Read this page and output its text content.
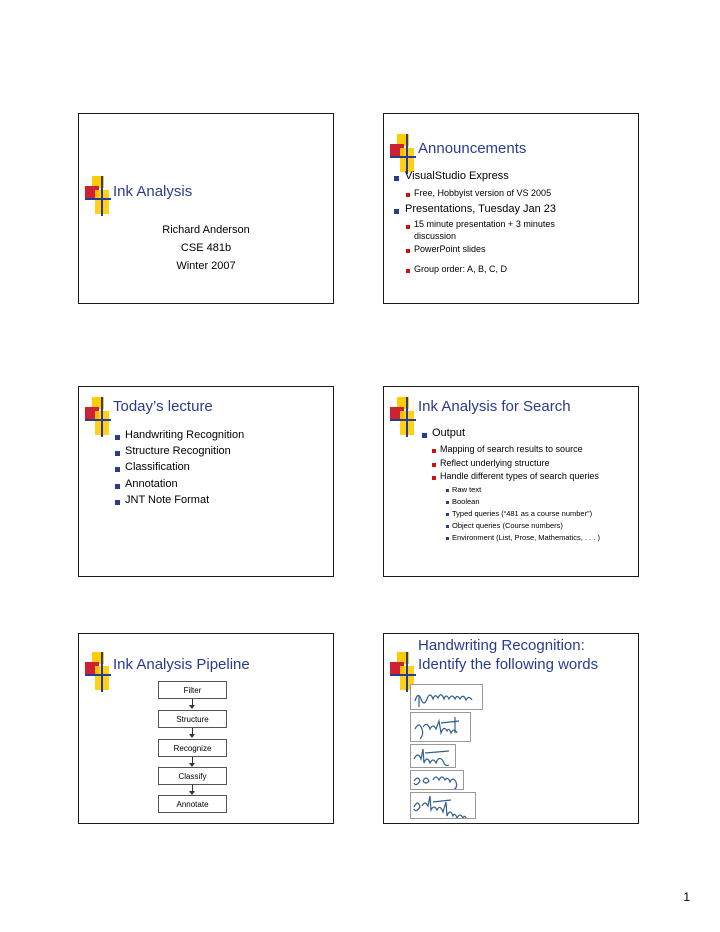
Ink Analysis
Richard Anderson
CSE 481b
Winter 2007
Announcements
VisualStudio Express
Free, Hobbyist version of VS 2005
Presentations, Tuesday Jan 23
15 minute presentation + 3 minutes
discussion
PowerPoint slides
Group order: A, B, C, D
Today’s lecture
Handwriting Recognition
Structure Recognition
Classification
Annotation
JNT Note Format
Ink Analysis for Search
Output
Mapping of search results to source
Reflect underlying structure
Handle different types of search queries
Raw text
Boolean
Typed queries (“481 as a course number”)
Object queries (Course numbers)
Environment (List, Prose, Mathematics, . . . )
Ink Analysis Pipeline
Filter
Structure
Recognize
Classify
Annotate
Handwriting Recognition:
Identify the following words
1
